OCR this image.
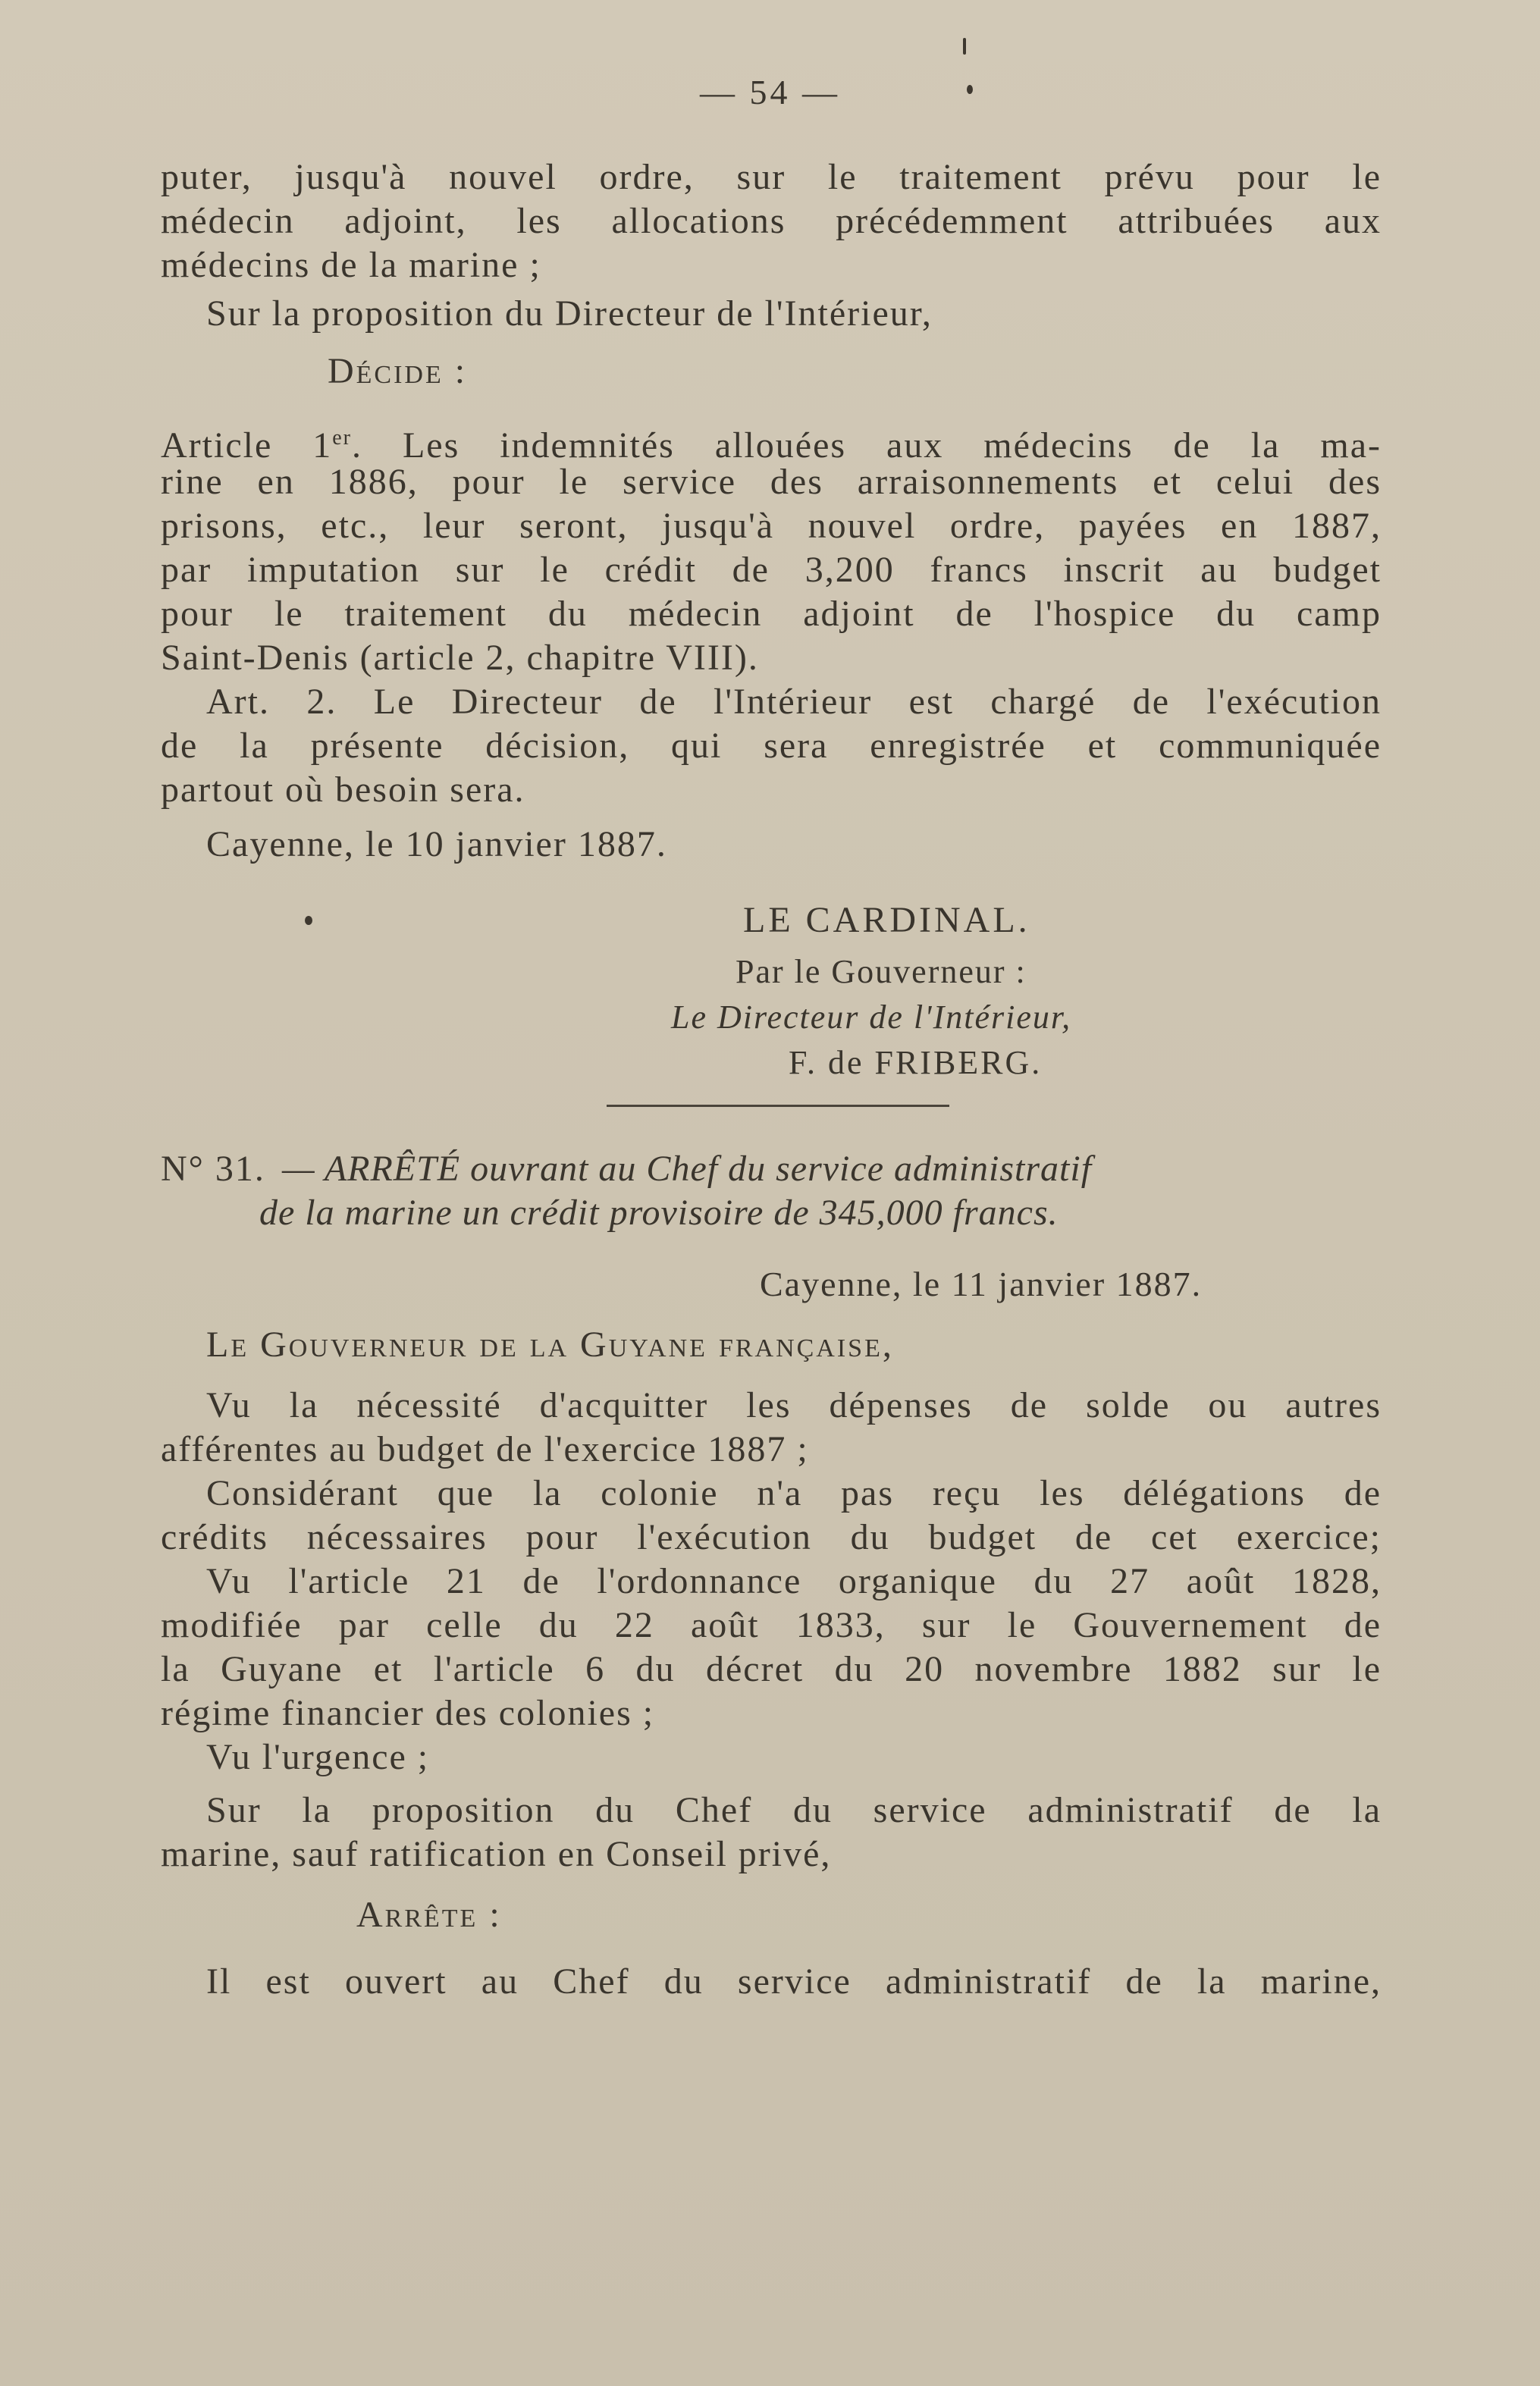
— 54 —
puter, jusqu'à nouvel ordre, sur le traitement prévu pour le
médecin adjoint, les allocations précédemment attribuées aux
médecins de la marine ;
Sur la proposition du Directeur de l'Intérieur,
Décide :
Article 1er. Les indemnités allouées aux médecins de la ma-
rine en 1886, pour le service des arraisonnements et celui des
prisons, etc., leur seront, jusqu'à nouvel ordre, payées en 1887,
par imputation sur le crédit de 3,200 francs inscrit au budget
pour le traitement du médecin adjoint de l'hospice du camp
Saint-Denis (article 2, chapitre VIII).
Art. 2. Le Directeur de l'Intérieur est chargé de l'exécution
de la présente décision, qui sera enregistrée et communiquée
partout où besoin sera.
Cayenne, le 10 janvier 1887.
LE CARDINAL.
Par le Gouverneur :
Le Directeur de l'Intérieur,
F. de FRIBERG.
N° 31. — ARRÊTÉ ouvrant au Chef du service administratif
de la marine un crédit provisoire de 345,000 francs.
Cayenne, le 11 janvier 1887.
Le Gouverneur de la Guyane française,
Vu la nécessité d'acquitter les dépenses de solde ou autres
afférentes au budget de l'exercice 1887 ;
Considérant que la colonie n'a pas reçu les délégations de
crédits nécessaires pour l'exécution du budget de cet exercice;
Vu l'article 21 de l'ordonnance organique du 27 août 1828,
modifiée par celle du 22 août 1833, sur le Gouvernement de
la Guyane et l'article 6 du décret du 20 novembre 1882 sur le
régime financier des colonies ;
Vu l'urgence ;
Sur la proposition du Chef du service administratif de la
marine, sauf ratification en Conseil privé,
Arrête :
Il est ouvert au Chef du service administratif de la marine,
